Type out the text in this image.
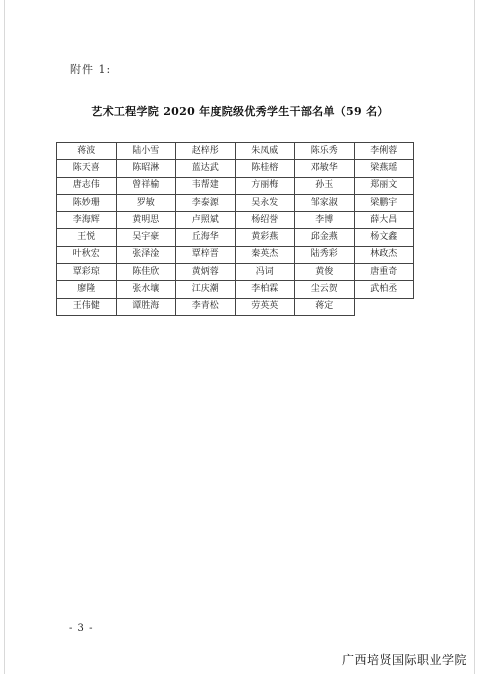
附件 1:
艺术工程学院 2020 年度院级优秀学生干部名单（59 名）
蒋波	陆小雪	赵梓彤	朱凤威	陈乐秀	李俐蓉
陈天喜	陈昭淋	蓝达武	陈桂榕	邓敏华	梁燕瑶
唐志伟	曾祥榆	韦帮建	方丽梅	孙玉	郑丽文
陈妙珊	罗敏	李泰源	吴永发	邹家淑	梁鹏宇
李海辉	黄明思	卢照斌	杨绍誉	李博	薛大昌
王悦	吴宇豪	丘海华	黄彩燕	邱金燕	杨文鑫
叶秋宏	张泽淦	覃梓晋	秦英杰	陆秀彩	林政杰
覃彩琼	陈佳欣	黄炳蓉	冯词	黄俊	唐重奇
廖隆	张水壤	江庆潮	李柏霖	尘云贺	武柏丞
王伟健	谭胜海	李青松	劳英英	蒋定	
- 3 -
广西培贤国际职业学院
